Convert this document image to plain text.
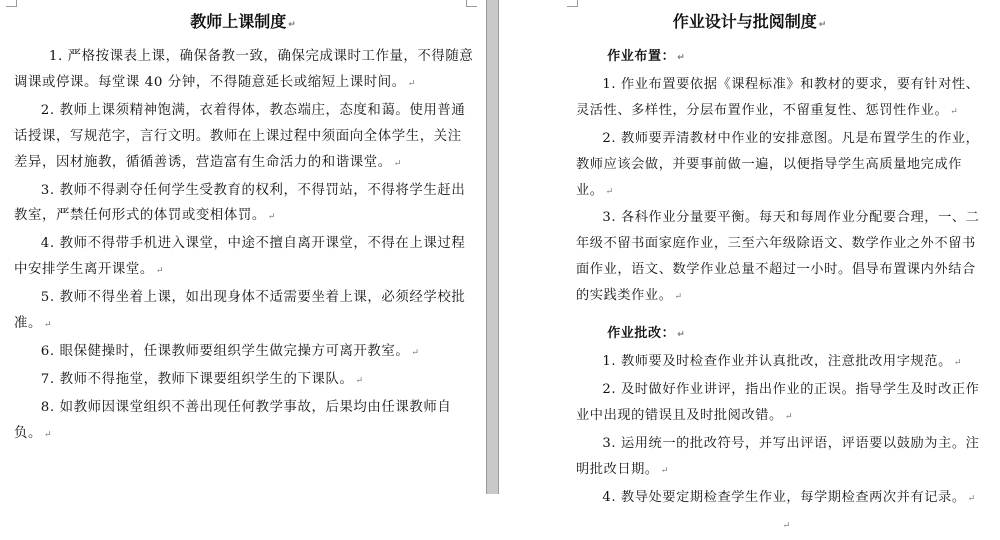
教师上课制度 ↵

1. 严格按课表上课，确保备教一致，确保完成课时工作量，不得随意调课或停课。每堂课 40 分钟，不得随意延长或缩短上课时间。 ↵

2. 教师上课须精神饱满，衣着得体，教态端庄，态度和蔼。使用普通话授课，写规范字，言行文明。教师在上课过程中须面向全体学生，关注差异，因材施教，循循善诱，营造富有生命活力的和谐课堂。 ↵

3. 教师不得剥夺任何学生受教育的权利，不得罚站，不得将学生赶出教室，严禁任何形式的体罚或变相体罚。 ↵

4. 教师不得带手机进入课堂，中途不擅自离开课堂，不得在上课过程中安排学生离开课堂。 ↵

5. 教师不得坐着上课，如出现身体不适需要坐着上课，必须经学校批准。 ↵

6. 眼保健操时，任课教师要组织学生做完操方可离开教室。 ↵

7. 教师不得拖堂，教师下课要组织学生的下课队。 ↵

8. 如教师因课堂组织不善出现任何教学事故，后果均由任课教师自负。 ↵

作业设计与批阅制度 ↵

作业布置： ↵

1. 作业布置要依据《课程标准》和教材的要求，要有针对性、灵活性、多样性，分层布置作业，不留重复性、惩罚性作业。 ↵

2. 教师要弄清教材中作业的安排意图。凡是布置学生的作业，教师应该会做，并要事前做一遍，以便指导学生高质量地完成作业。 ↵

3. 各科作业分量要平衡。每天和每周作业分配要合理，一、二年级不留书面家庭作业，三至六年级除语文、数学作业之外不留书面作业，语文、数学作业总量不超过一小时。倡导布置课内外结合的实践类作业。 ↵

作业批改： ↵

1. 教师要及时检查作业并认真批改，注意批改用字规范。 ↵

2. 及时做好作业讲评，指出作业的正误。指导学生及时改正作业中出现的错误且及时批阅改错。 ↵

3. 运用统一的批改符号，并写出评语，评语要以鼓励为主。注明批改日期。 ↵

4. 教导处要定期检查学生作业，每学期检查两次并有记录。 ↵

↵
